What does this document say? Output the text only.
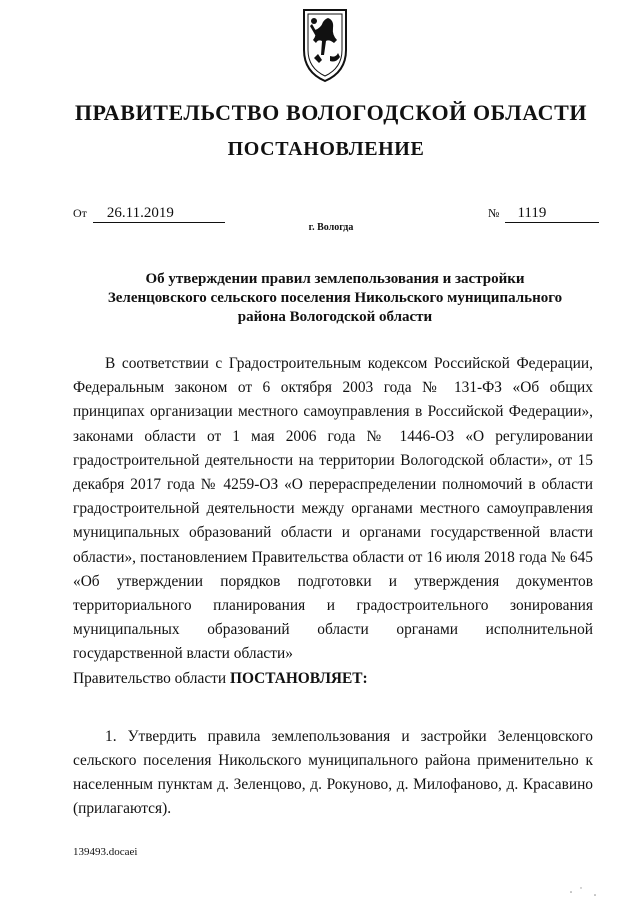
ПРАВИТЕЛЬСТВО ВОЛОГОДСКОЙ ОБЛАСТИ
ПОСТАНОВЛЕНИЕ
От 26.11.2019	№ 1119
г. Вологда
Об утверждении правил землепользования и застройки
Зеленцовского сельского поселения Никольского муниципального
района Вологодской области

В соответствии с Градостроительным кодексом Российской Федерации, Федеральным законом от 6 октября 2003 года № 131-ФЗ «Об общих принципах организации местного самоуправления в Российской Федерации», законами области от 1 мая 2006 года № 1446-ОЗ «О регулировании градостроительной деятельности на территории Вологодской области», от 15 декабря 2017 года № 4259-ОЗ «О перераспределении полномочий в области градостроительной деятельности между органами местного самоуправления муниципальных образований области и органами государственной власти области», постановлением Правительства области от 16 июля 2018 года № 645 «Об утверждении порядков подготовки и утверждения документов территориального планирования и градостроительного зонирования муниципальных образований области органами исполнительной государственной власти области»

Правительство области ПОСТАНОВЛЯЕТ:

1. Утвердить правила землепользования и застройки Зеленцовского сельского поселения Никольского муниципального района применительно к населенным пунктам д. Зеленцово, д. Рокуново, д. Милофаново, д. Красавино (прилагаются).

139493.docaei
